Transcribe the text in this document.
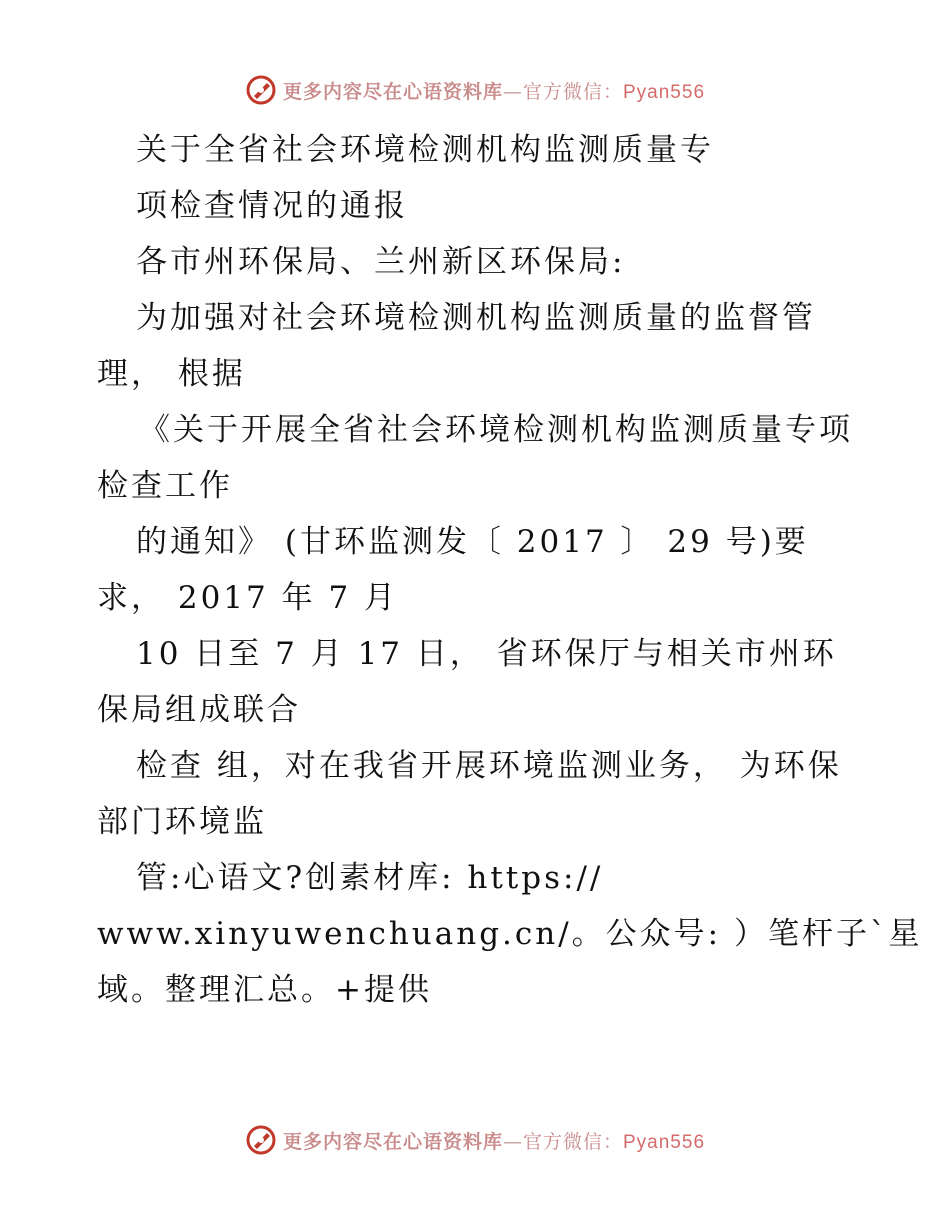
更多内容尽在心语资料库—官方微信：Pyan556
关于全省社会环境检测机构监测质量专
项检查情况的通报
各市州环保局、兰州新区环保局:
为加强对社会环境检测机构监测质量的监督管
理， 根据
《关于开展全省社会环境检测机构监测质量专项
检查工作
的通知》 (甘环监测发〔 2017 〕 29 号)要
求， 2017 年 7 月
10 日至 7 月 17 日， 省环保厅与相关市州环
保局组成联合
检查 组，对在我省开展环境监测业务， 为环保
部门环境监
管:心语文?创素材库: https://
www.xinyuwenchuang.cn/。公众号: ）笔杆子`星
域。整理汇总。+提供
更多内容尽在心语资料库—官方微信：Pyan556
